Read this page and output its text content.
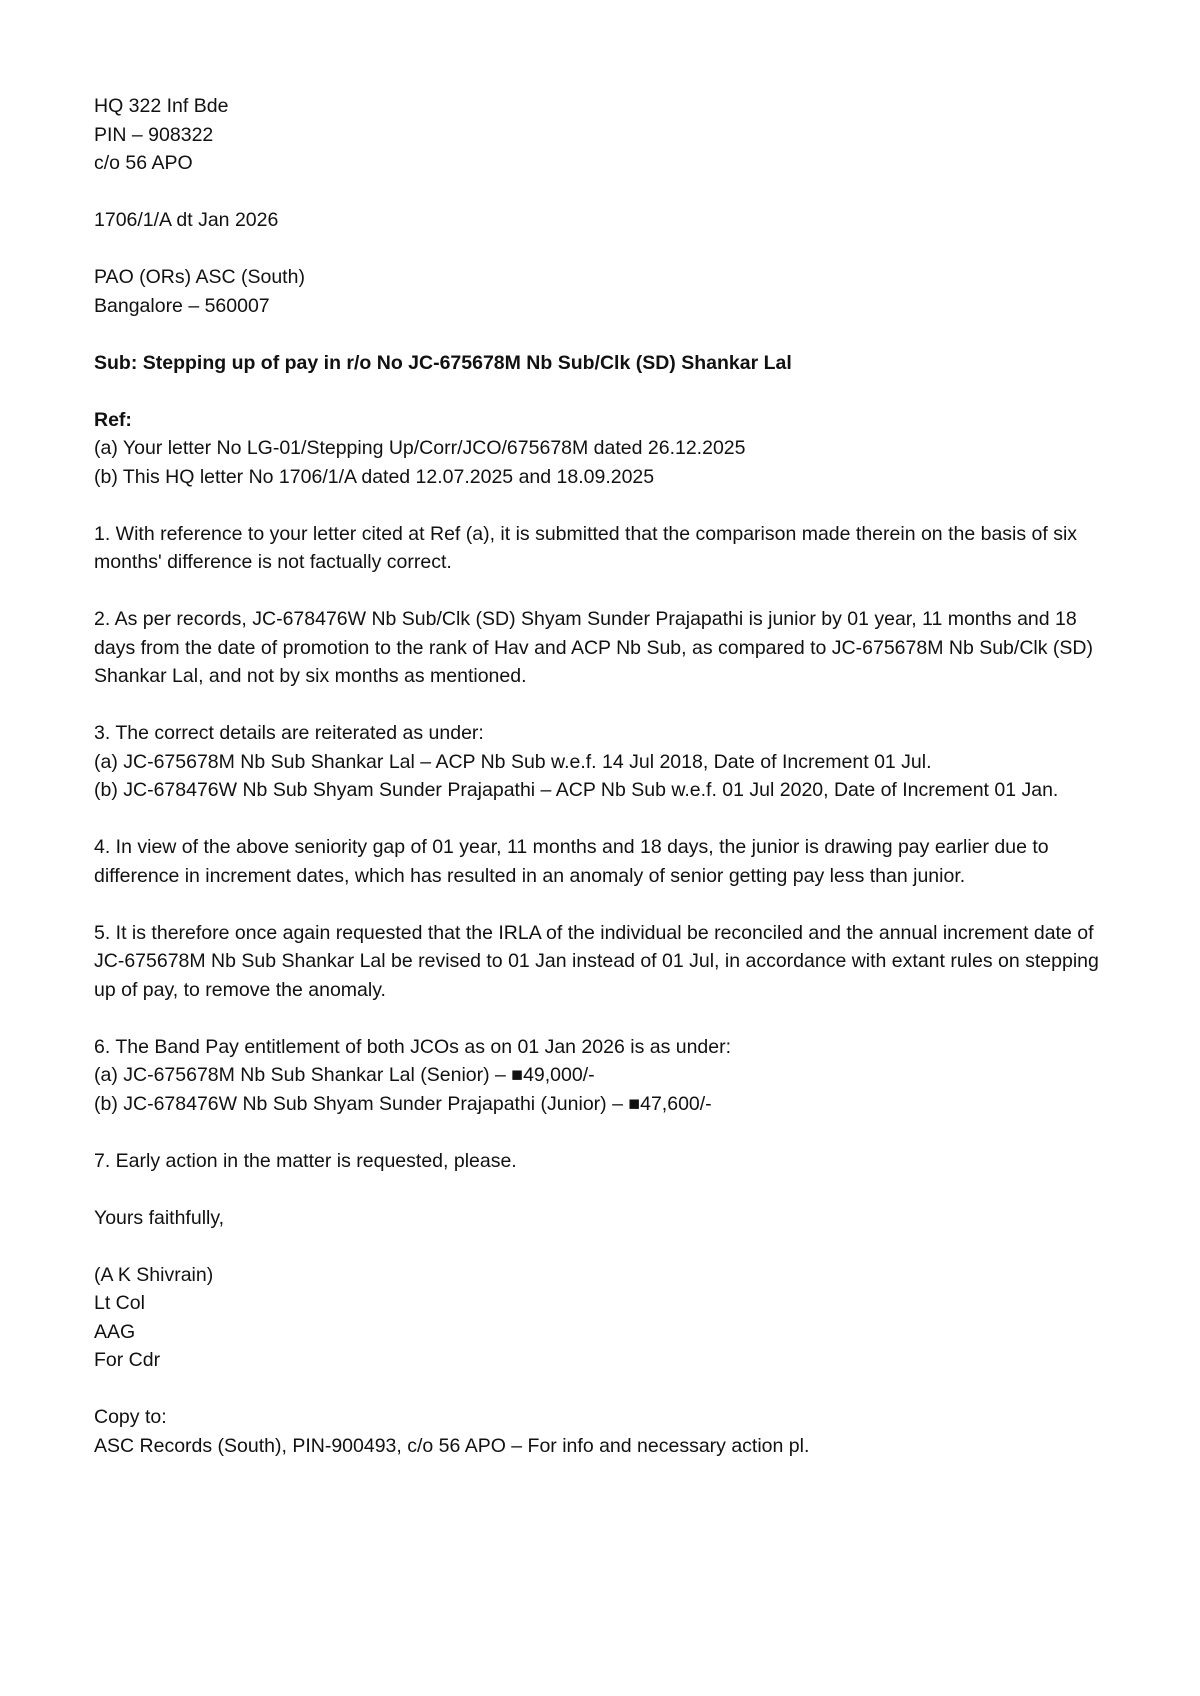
HQ 322 Inf Bde
PIN – 908322
c/o 56 APO
1706/1/A dt Jan 2026
PAO (ORs) ASC (South)
Bangalore – 560007
Sub: Stepping up of pay in r/o No JC-675678M Nb Sub/Clk (SD) Shankar Lal
Ref:
(a) Your letter No LG-01/Stepping Up/Corr/JCO/675678M dated 26.12.2025
(b) This HQ letter No 1706/1/A dated 12.07.2025 and 18.09.2025
1. With reference to your letter cited at Ref (a), it is submitted that the comparison made therein on the basis of six months' difference is not factually correct.
2. As per records, JC-678476W Nb Sub/Clk (SD) Shyam Sunder Prajapathi is junior by 01 year, 11 months and 18 days from the date of promotion to the rank of Hav and ACP Nb Sub, as compared to JC-675678M Nb Sub/Clk (SD) Shankar Lal, and not by six months as mentioned.
3. The correct details are reiterated as under:
(a) JC-675678M Nb Sub Shankar Lal – ACP Nb Sub w.e.f. 14 Jul 2018, Date of Increment 01 Jul.
(b) JC-678476W Nb Sub Shyam Sunder Prajapathi – ACP Nb Sub w.e.f. 01 Jul 2020, Date of Increment 01 Jan.
4. In view of the above seniority gap of 01 year, 11 months and 18 days, the junior is drawing pay earlier due to difference in increment dates, which has resulted in an anomaly of senior getting pay less than junior.
5. It is therefore once again requested that the IRLA of the individual be reconciled and the annual increment date of JC-675678M Nb Sub Shankar Lal be revised to 01 Jan instead of 01 Jul, in accordance with extant rules on stepping up of pay, to remove the anomaly.
6. The Band Pay entitlement of both JCOs as on 01 Jan 2026 is as under:
(a) JC-675678M Nb Sub Shankar Lal (Senior) – ■49,000/-
(b) JC-678476W Nb Sub Shyam Sunder Prajapathi (Junior) – ■47,600/-
7. Early action in the matter is requested, please.
Yours faithfully,
(A K Shivrain)
Lt Col
AAG
For Cdr
Copy to:
ASC Records (South), PIN-900493, c/o 56 APO – For info and necessary action pl.
